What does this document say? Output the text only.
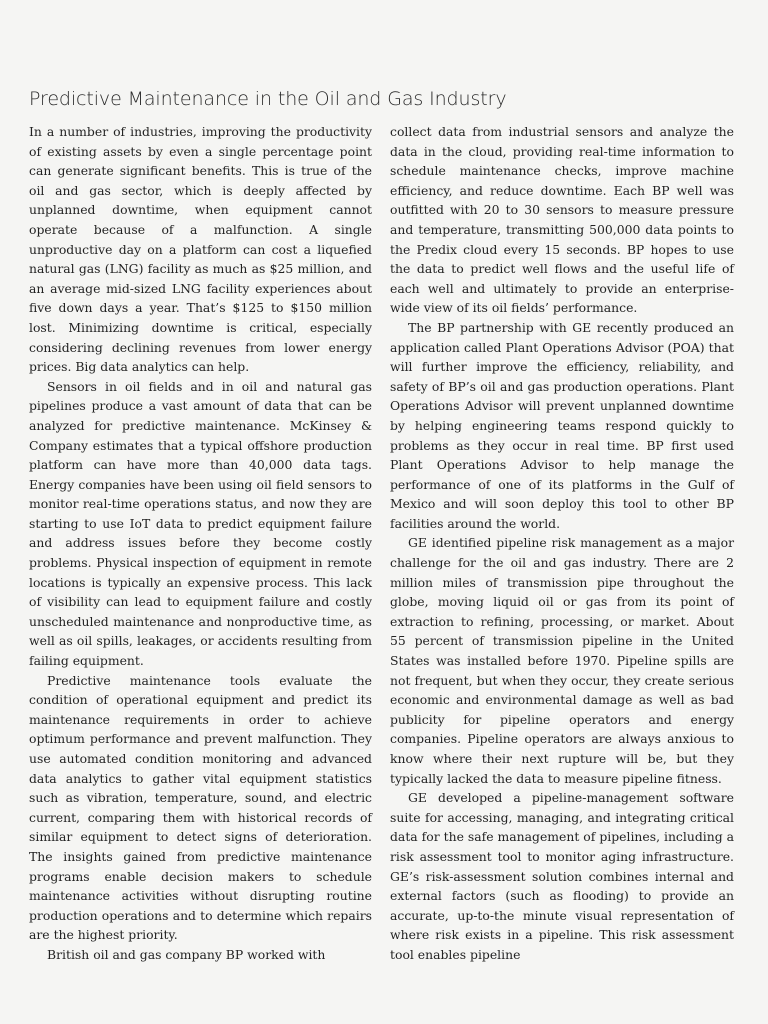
Predictive Maintenance in the Oil and Gas Industry

In a number of industries, improving the productivity of existing assets by even a single percentage point can generate significant benefits. This is true of the oil and gas sector, which is deeply affected by unplanned downtime, when equipment cannot operate because of a malfunction. A single unproductive day on a platform can cost a liquefied natural gas (LNG) facility as much as $25 million, and an average mid-sized LNG facility experiences about five down days a year. That’s $125 to $150 million lost. Minimizing downtime is critical, especially considering declining revenues from lower energy prices. Big data analytics can help.

Sensors in oil fields and in oil and natural gas pipelines produce a vast amount of data that can be analyzed for predictive maintenance. McKinsey & Company estimates that a typical offshore production platform can have more than 40,000 data tags. Energy companies have been using oil field sensors to monitor real-time operations status, and now they are starting to use IoT data to predict equipment failure and address issues before they become costly problems. Physical inspection of equipment in remote locations is typically an expensive process. This lack of visibility can lead to equipment failure and costly unscheduled maintenance and nonproductive time, as well as oil spills, leakages, or accidents resulting from failing equipment.

Predictive maintenance tools evaluate the condition of operational equipment and predict its maintenance requirements in order to achieve optimum performance and prevent malfunction. They use automated condition monitoring and advanced data analytics to gather vital equipment statistics such as vibration, temperature, sound, and electric current, comparing them with historical records of similar equipment to detect signs of deterioration. The insights gained from predictive maintenance programs enable decision makers to schedule maintenance activities without disrupting routine production operations and to determine which repairs are the highest priority.

British oil and gas company BP worked with

collect data from industrial sensors and analyze the data in the cloud, providing real-time information to schedule maintenance checks, improve machine efficiency, and reduce downtime. Each BP well was outfitted with 20 to 30 sensors to measure pressure and temperature, transmitting 500,000 data points to the Predix cloud every 15 seconds. BP hopes to use the data to predict well flows and the useful life of each well and ultimately to provide an enterprise-wide view of its oil fields’ performance.

The BP partnership with GE recently produced an application called Plant Operations Advisor (POA) that will further improve the efficiency, reliability, and safety of BP’s oil and gas production operations. Plant Operations Advisor will prevent unplanned downtime by helping engineering teams respond quickly to problems as they occur in real time. BP first used Plant Operations Advisor to help manage the performance of one of its platforms in the Gulf of Mexico and will soon deploy this tool to other BP facilities around the world.

GE identified pipeline risk management as a major challenge for the oil and gas industry. There are 2 million miles of transmission pipe throughout the globe, moving liquid oil or gas from its point of extraction to refining, processing, or market. About 55 percent of transmission pipeline in the United States was installed before 1970. Pipeline spills are not frequent, but when they occur, they create serious economic and environmental damage as well as bad publicity for pipeline operators and energy companies. Pipeline operators are always anxious to know where their next rupture will be, but they typically lacked the data to measure pipeline fitness.

GE developed a pipeline-management software suite for accessing, managing, and integrating critical data for the safe management of pipelines, including a risk assessment tool to monitor aging infrastructure. GE’s risk-assessment solution combines internal and external factors (such as flooding) to provide an accurate, up-to-the minute visual representation of where risk exists in a pipeline. This risk assessment tool enables pipeline
